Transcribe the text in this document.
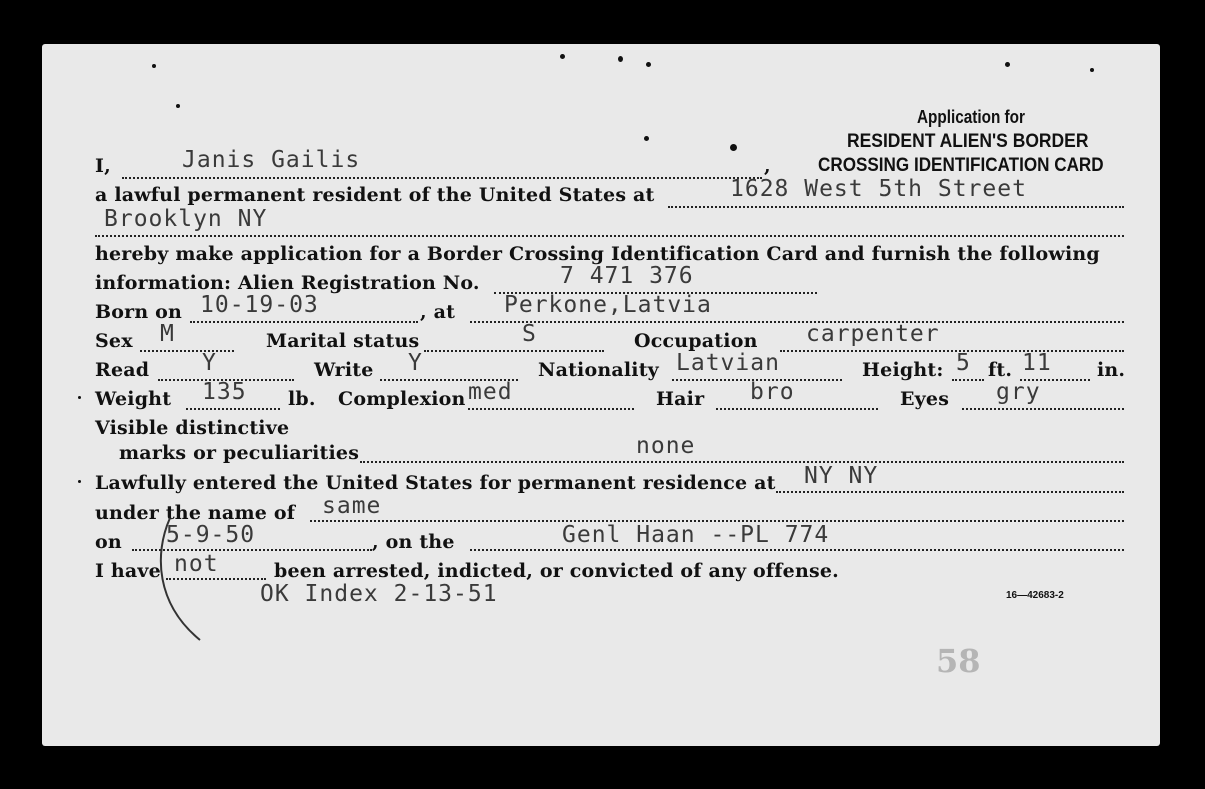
Application for
RESIDENT ALIEN'S BORDER
CROSSING IDENTIFICATION CARD
I,	Janis Gailis	,
a lawful permanent resident of the United States at	1628 West 5th Street
Brooklyn NY
hereby make application for a Border Crossing Identification Card and furnish the following
information: Alien Registration No.	7 471 376
Born on 10-19-03	, at Perkone,Latvia
Sex M	Marital status	S	Occupation carpenter
Read Y	Write Y	Nationality Latvian	Height: 5 ft. 11 in.
Weight 135 lb. Complexion med	Hair bro	Eyes gry
Visible distinctive
marks or peculiarities	none
Lawfully entered the United States for permanent residence at NY NY
under the name of same
on 5-9-50	, on the	Genl Haan --PL 774
I have not	been arrested, indicted, or convicted of any offense.
OK Index 2-13-51	16—42683-2
58
